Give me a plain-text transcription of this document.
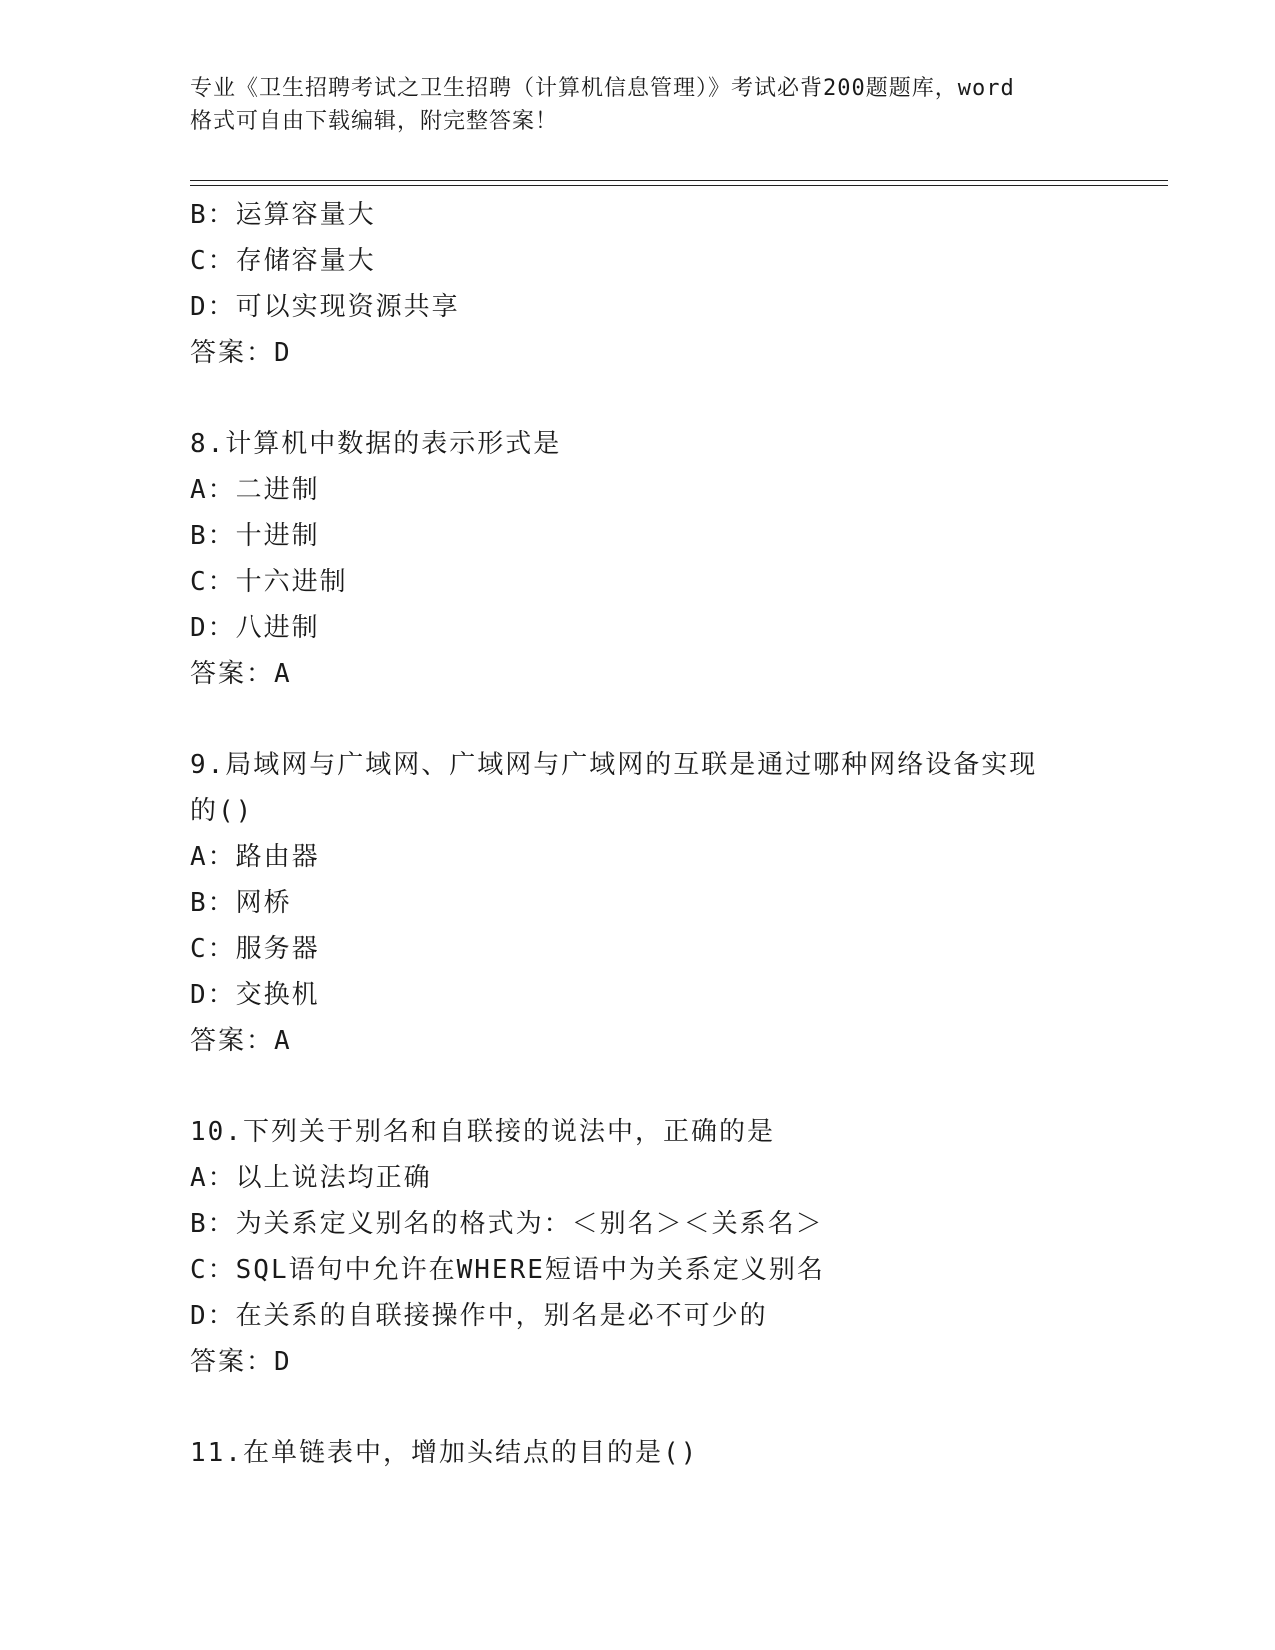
专业《卫生招聘考试之卫生招聘（计算机信息管理）》考试必背200题题库，word
格式可自由下载编辑，附完整答案！
B：运算容量大
C：存储容量大
D：可以实现资源共享
答案：D
8.计算机中数据的表示形式是
A：二进制
B：十进制
C：十六进制
D：八进制
答案：A
9.局域网与广域网、广域网与广域网的互联是通过哪种网络设备实现
的()
A：路由器
B：网桥
C：服务器
D：交换机
答案：A
10.下列关于别名和自联接的说法中，正确的是
A：以上说法均正确
B：为关系定义别名的格式为：＜别名＞＜关系名＞
C：SQL语句中允许在WHERE短语中为关系定义别名
D：在关系的自联接操作中，别名是必不可少的
答案：D
11.在单链表中，增加头结点的目的是()
